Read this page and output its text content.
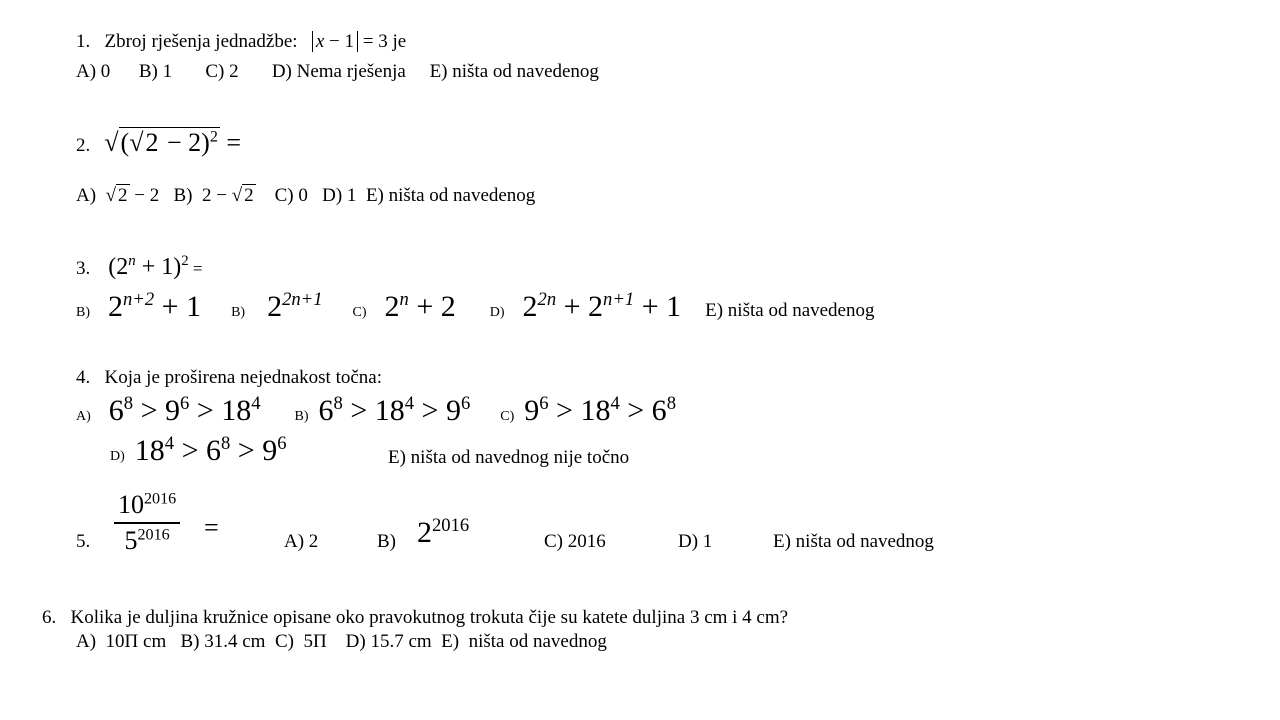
1. Zbroj rješenja jednadžbe: x − 1 = 3 je
A) 0 B) 1 C) 2 D) Nema rješenja E) ništa od navedenog
2. $√(√2 - 2)^2$ =
A) √ 2 − 2 B) 2 − √ 2 C) 0 D) 1 E) ništa od navedenog
3. $(2^n + 1)^2$ =
B) $2^{n+2} + 1$ B) $2^{2n+1}$ C) $2^n + 2$ D) $2^{2n} + 2^{n+1} + 1$ E) ništa od navedenog
4. Koja je proširena nejednakost točna:
A) $6^8 > 9^6 > 18^4$ B) $6^8 > 18^4 > 9^6$ C) $9^6 > 18^4 > 6^8$
D) $18^4 > 6^8 > 9^6$
E) ništa od navednog nije točno
5. $\frac{10^{2016}}{5^{2016}}$ =	A) 2	B) $2^{2016}$
C) 2016	D) 1	E) ništa od navednog
6. Kolika je duljina kružnice opisane oko pravokutnog trokuta čije su katete duljina 3 cm i 4 cm?
A)  10Π cm   B) 31.4 cm  C)  5Π    D) 15.7 cm  E)  ništa od navednog
